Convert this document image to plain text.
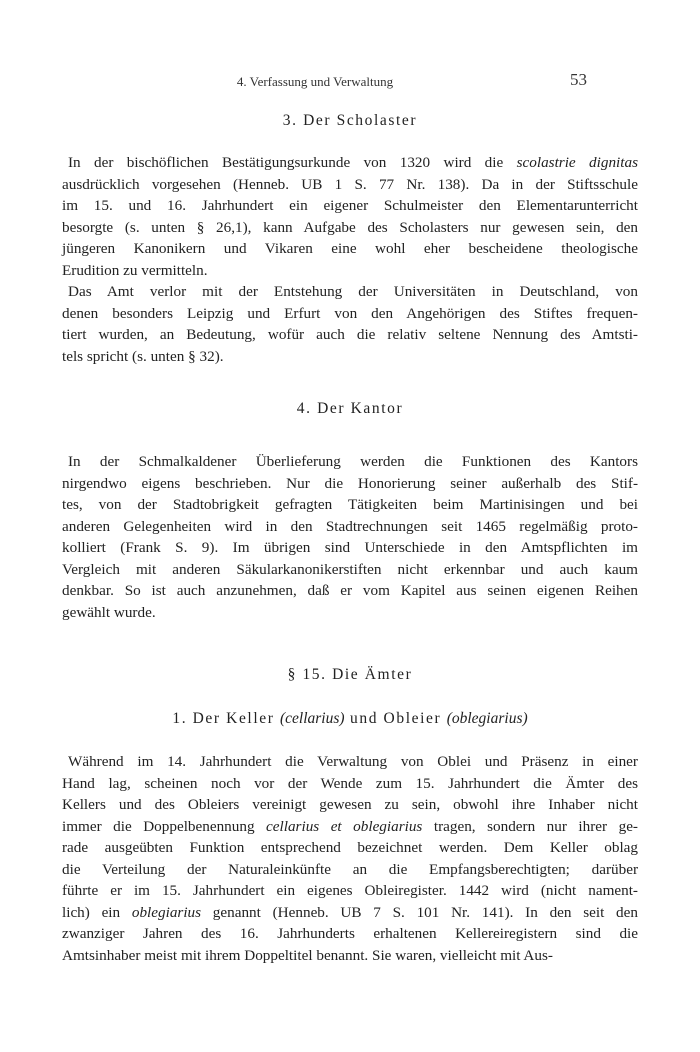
4. Verfassung und Verwaltung	53
3. Der Scholaster
In der bischöflichen Bestätigungsurkunde von 1320 wird die scolastrie dignitas
ausdrücklich vorgesehen (Henneb. UB 1 S. 77 Nr. 138). Da in der Stiftsschule
im 15. und 16. Jahrhundert ein eigener Schulmeister den Elementarunterricht
besorgte (s. unten § 26,1), kann Aufgabe des Scholasters nur gewesen sein, den
jüngeren Kanonikern und Vikaren eine wohl eher bescheidene theologische
Erudition zu vermitteln.
Das Amt verlor mit der Entstehung der Universitäten in Deutschland, von
denen besonders Leipzig und Erfurt von den Angehörigen des Stiftes frequen-
tiert wurden, an Bedeutung, wofür auch die relativ seltene Nennung des Amtsti-
tels spricht (s. unten § 32).
4. Der Kantor
In der Schmalkaldener Überlieferung werden die Funktionen des Kantors
nirgendwo eigens beschrieben. Nur die Honorierung seiner außerhalb des Stif-
tes, von der Stadtobrigkeit gefragten Tätigkeiten beim Martinisingen und bei
anderen Gelegenheiten wird in den Stadtrechnungen seit 1465 regelmäßig proto-
kolliert (Frank S. 9). Im übrigen sind Unterschiede in den Amtspflichten im
Vergleich mit anderen Säkularkanonikerstiften nicht erkennbar und auch kaum
denkbar. So ist auch anzunehmen, daß er vom Kapitel aus seinen eigenen Reihen
gewählt wurde.
§ 15. Die Ämter
1. Der Keller (cellarius) und Obleier (oblegiarius)
Während im 14. Jahrhundert die Verwaltung von Oblei und Präsenz in einer
Hand lag, scheinen noch vor der Wende zum 15. Jahrhundert die Ämter des
Kellers und des Obleiers vereinigt gewesen zu sein, obwohl ihre Inhaber nicht
immer die Doppelbenennung cellarius et oblegiarius tragen, sondern nur ihrer ge-
rade ausgeübten Funktion entsprechend bezeichnet werden. Dem Keller oblag
die Verteilung der Naturaleinkünfte an die Empfangsberechtigten; darüber
führte er im 15. Jahrhundert ein eigenes Obleiregister. 1442 wird (nicht nament-
lich) ein oblegiarius genannt (Henneb. UB 7 S. 101 Nr. 141). In den seit den
zwanziger Jahren des 16. Jahrhunderts erhaltenen Kellereiregistern sind die
Amtsinhaber meist mit ihrem Doppeltitel benannt. Sie waren, vielleicht mit Aus-
